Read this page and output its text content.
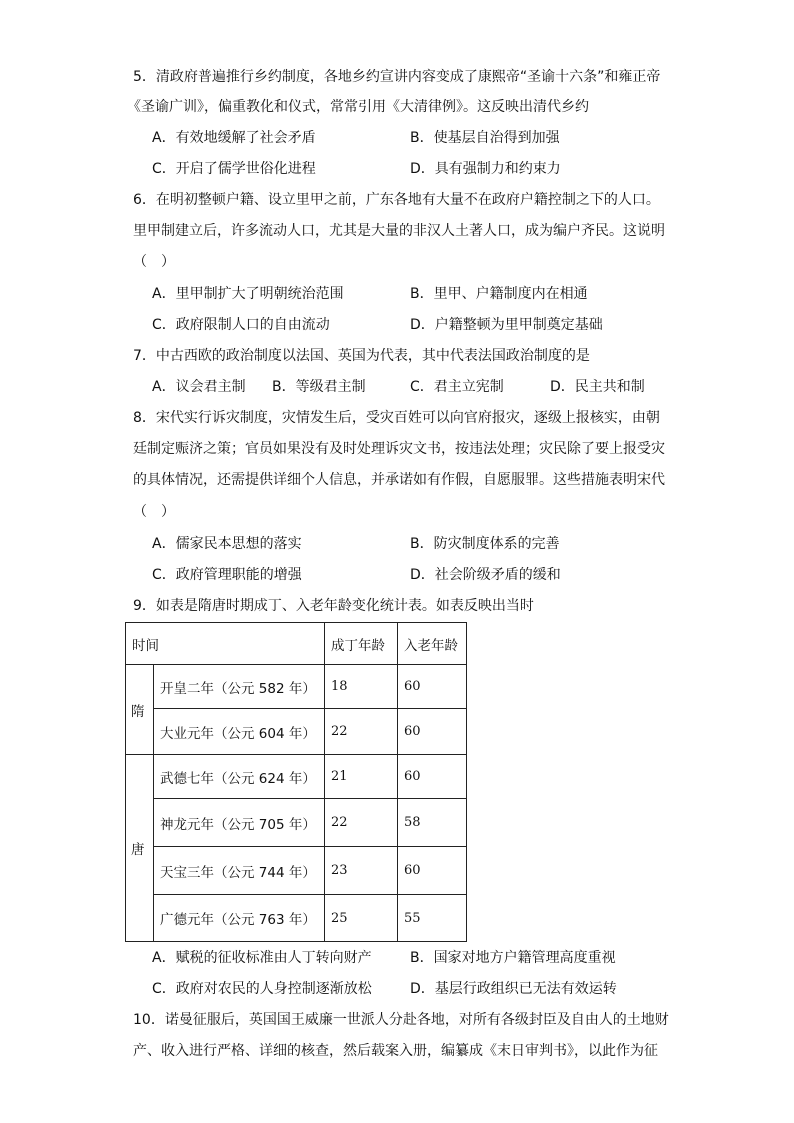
5．清政府普遍推行乡约制度，各地乡约宣讲内容变成了康熙帝“圣谕十六条”和雍正帝
《圣谕广训》，偏重教化和仪式，常常引用《大清律例》。这反映出清代乡约
A．有效地缓解了社会矛盾	B．使基层自治得到加强
C．开启了儒学世俗化进程	D．具有强制力和约束力
6．在明初整顿户籍、设立里甲之前，广东各地有大量不在政府户籍控制之下的人口。
里甲制建立后，许多流动人口，尤其是大量的非汉人土著人口，成为编户齐民。这说明
（　）
A．里甲制扩大了明朝统治范围	B．里甲、户籍制度内在相通
C．政府限制人口的自由流动	D．户籍整顿为里甲制奠定基础
7．中古西欧的政治制度以法国、英国为代表，其中代表法国政治制度的是
A．议会君主制 B．等级君主制	C．君主立宪制	D．民主共和制
8．宋代实行诉灾制度，灾情发生后，受灾百姓可以向官府报灾，逐级上报核实，由朝
廷制定赈济之策；官员如果没有及时处理诉灾文书，按违法处理；灾民除了要上报受灾
的具体情况，还需提供详细个人信息，并承诺如有作假，自愿服罪。这些措施表明宋代
（　）
A．儒家民本思想的落实	B．防灾制度体系的完善
C．政府管理职能的增强	D．社会阶级矛盾的缓和
9．如表是隋唐时期成丁、入老年龄变化统计表。如表反映出当时
时间		成丁年龄	入老年龄
隋	开皇二年（公元 582 年）	18	60
	大业元年（公元 604 年）	22	60
唐	武德七年（公元 624 年）	21	60
	神龙元年（公元 705 年）	22	58
	天宝三年（公元 744 年）	23	60
	广德元年（公元 763 年）	25	55
A．赋税的征收标准由人丁转向财产	B．国家对地方户籍管理高度重视
C．政府对农民的人身控制逐渐放松	D．基层行政组织已无法有效运转
10．诺曼征服后，英国国王威廉一世派人分赴各地，对所有各级封臣及自由人的土地财
产、收入进行严格、详细的核查，然后载案入册，编纂成《末日审判书》，以此作为征
